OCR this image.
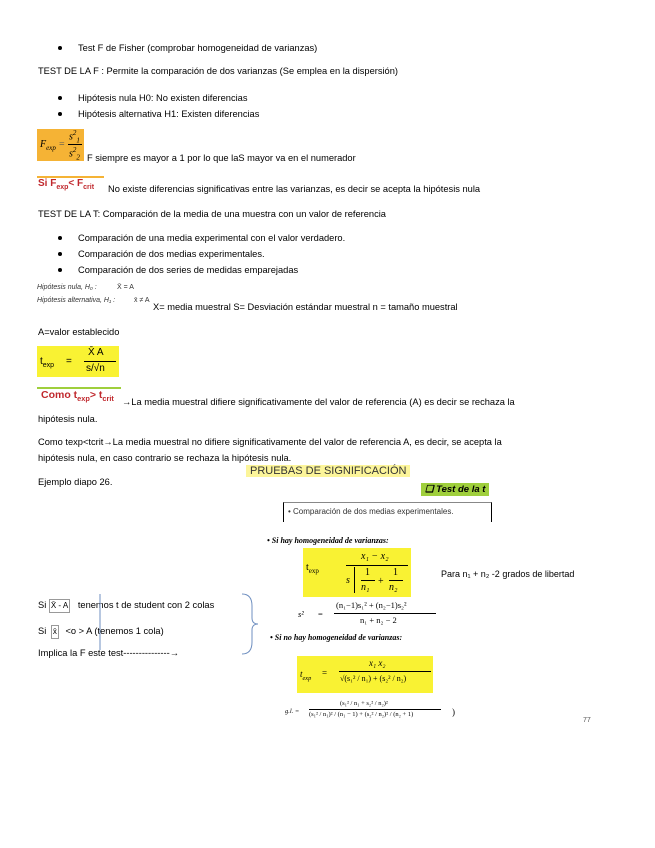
Test F de Fisher (comprobar homogeneidad de varianzas)
TEST DE LA F : Permite la comparación de dos varianzas (Se emplea en la dispersión)
Hipótesis nula H0: No existen diferencias
Hipótesis alternativa H1: Existen diferencias
$F_{exp}$ =
$s^2_1$
$s^2_2$ F siempre es mayor a 1 por lo que laS mayor va en el numerador
Si $F_{exp}< F_{crit}$ No existe diferencias significativas entre las varianzas, es decir se acepta la hipótesis nula
TEST DE LA T: Comparación de la media de una muestra con un valor de referencia
Comparación de una media experimental con el valor verdadero.
Comparación de dos medias experimentales.
Comparación de dos series de medidas emparejadas
Hipótesis nula, H₀ :	X̄ = A
Hipótesis alternativa, H₁ :	x̄ ≠ A
X= media muestral S= Desviación estándar muestral n = tamaño muestral
A=valor establecido
$t_{exp}$ =
X̄ A
s/√n
Como $t_{exp}> t_{crit} \to La$ media muestral difiere significativamente del valor de referencia (A) es decir se rechaza la
hipótesis nula.
Como texp<tcrit→La media muestral no difiere significativamente del valor de referencia A, es decir, se acepta la
hipótesis nula, en caso contrario se rechaza la hipótesis nula.
Ejemplo diapo 26.
PRUEBAS DE SIGNIFICACIÓN
❑ Test de la t
• Comparación de dos medias experimentales.
• Si hay homogeneidad de varianzas:
$t_{exp}$
x₁ − x₂
s
1
n₁
+
1
n₂
Para n₁ + n₂ -2 grados de libertad
s² =
(n₁−1)s₁² + (n₂−1)s₂²
n₁ + n₂ − 2
• Si no hay homogeneidad de varianzas:
$t_{exp}$
=
x₁ x₂
√(s₁² / n₁) + (s₂² / n₂)
g.l. =
(s₁² / n₁ + s₂² / n₂)²
(s₁² / n₁)² / (n₁ − 1) + (s₂² / n₂)² / (n₂ + 1)	)
77
Si X̄ - A tenemos t de student con 2 colas
Si x̄ <o > A (tenemos 1 cola)
Implica la F este test---------------→
